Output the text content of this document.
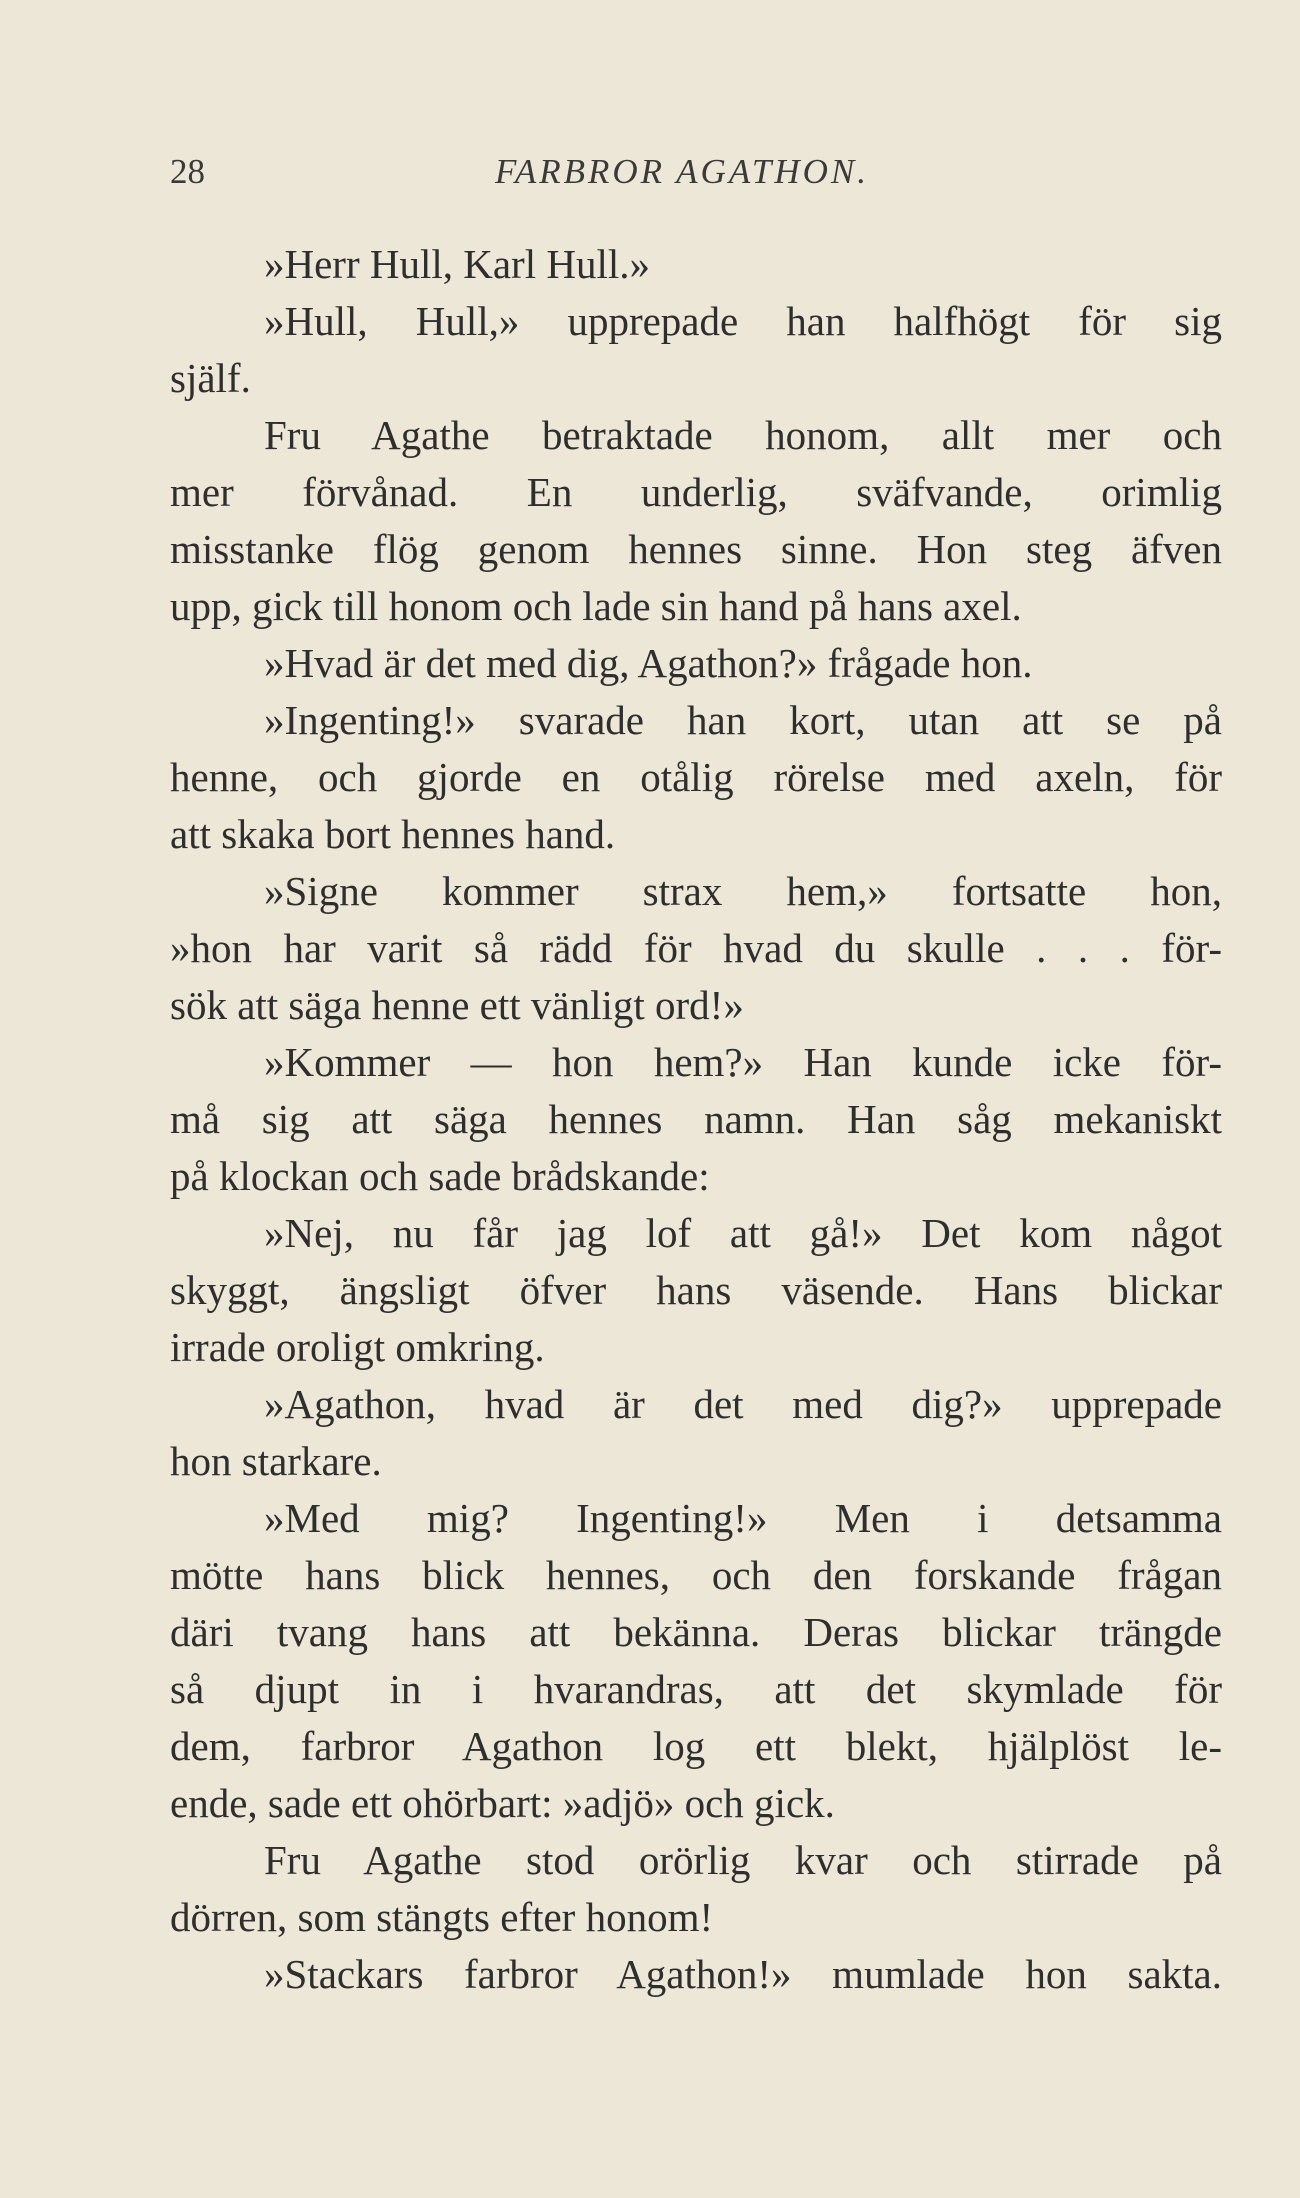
28	FARBROR AGATHON.
»Herr Hull, Karl Hull.»
»Hull, Hull,» upprepade han halfhögt för sig
själf.
Fru Agathe betraktade honom, allt mer och
mer förvånad. En underlig, sväfvande, orimlig
misstanke flög genom hennes sinne. Hon steg äfven
upp, gick till honom och lade sin hand på hans axel.
»Hvad är det med dig, Agathon?» frågade hon.
»Ingenting!» svarade han kort, utan att se på
henne, och gjorde en otålig rörelse med axeln, för
att skaka bort hennes hand.
»Signe kommer strax hem,» fortsatte hon,
»hon har varit så rädd för hvad du skulle . . . för-
sök att säga henne ett vänligt ord!»
»Kommer — hon hem?» Han kunde icke för-
må sig att säga hennes namn. Han såg mekaniskt
på klockan och sade brådskande:
»Nej, nu får jag lof att gå!» Det kom något
skyggt, ängsligt öfver hans väsende. Hans blickar
irrade oroligt omkring.
»Agathon, hvad är det med dig?» upprepade
hon starkare.
»Med mig? Ingenting!» Men i detsamma
mötte hans blick hennes, och den forskande frågan
däri tvang hans att bekänna. Deras blickar trängde
så djupt in i hvarandras, att det skymlade för
dem, farbror Agathon log ett blekt, hjälplöst le-
ende, sade ett ohörbart: »adjö» och gick.
Fru Agathe stod orörlig kvar och stirrade på
dörren, som stängts efter honom!
»Stackars farbror Agathon!» mumlade hon sakta.
